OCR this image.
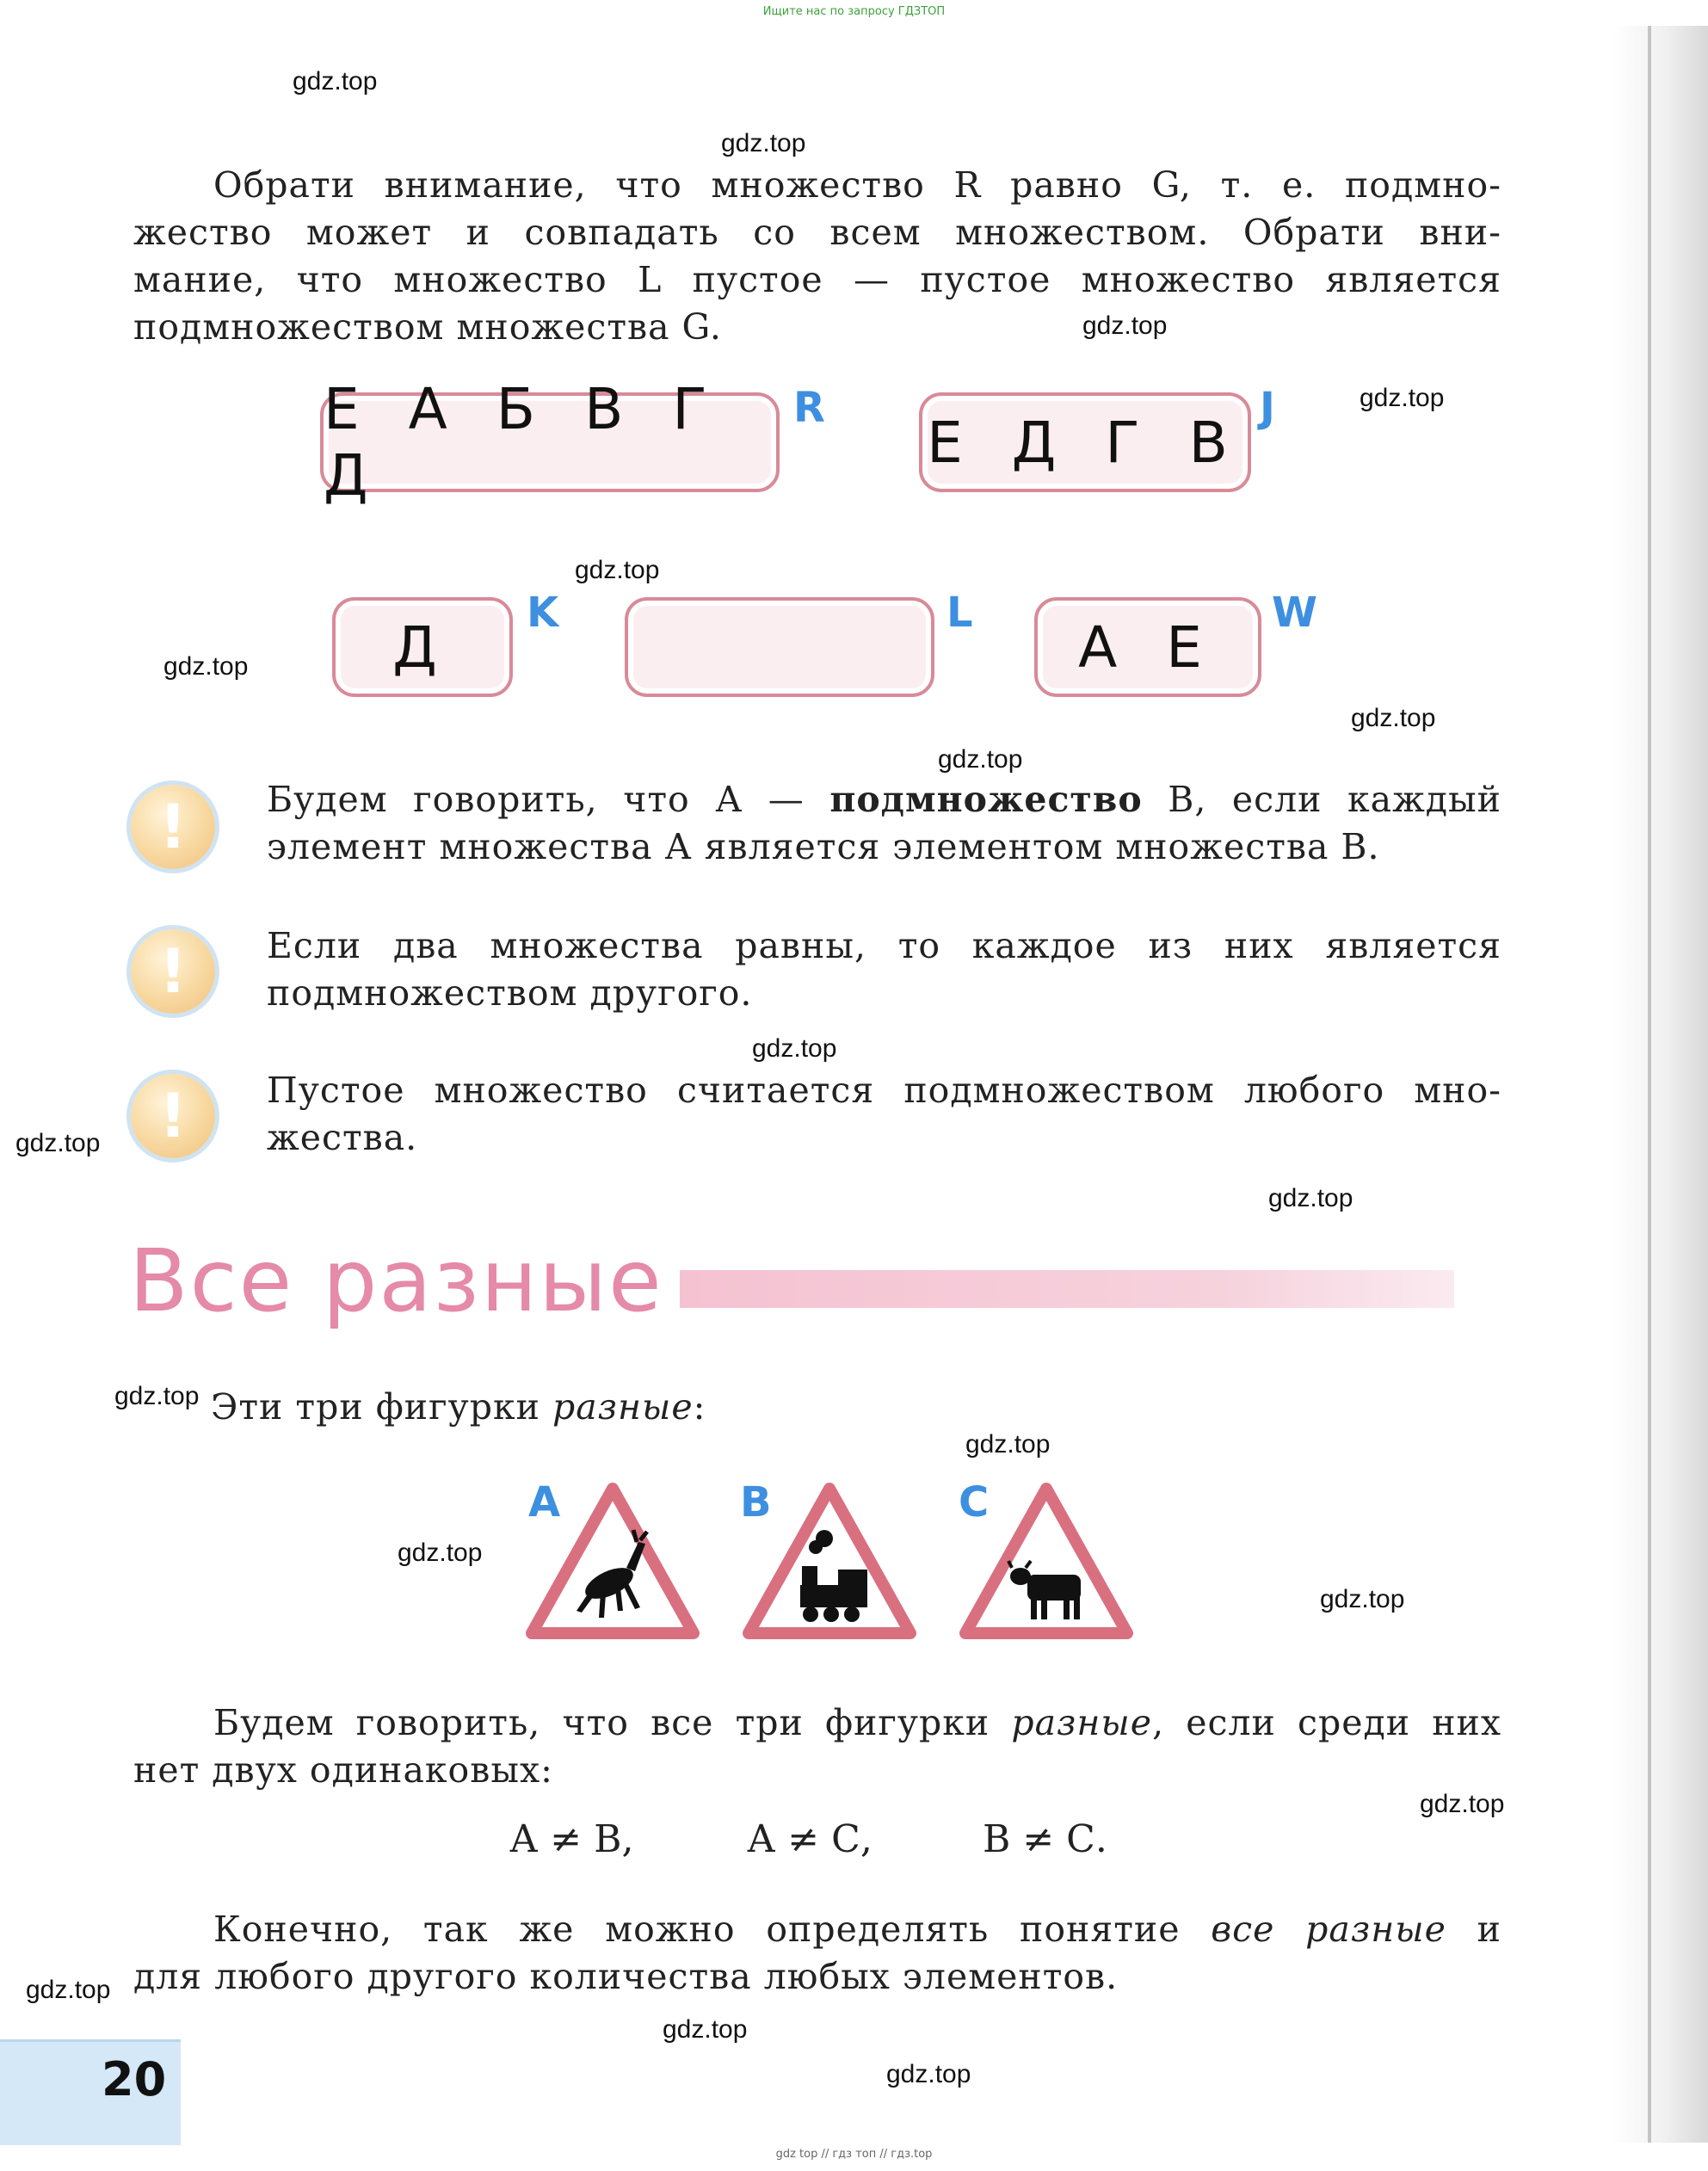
Ищите нас по запросу ГДЗТОП
gdz.top
gdz.top
gdz.top
gdz.top
gdz.top
gdz.top
gdz.top
gdz.top
gdz.top
gdz.top
gdz.top
gdz.top
gdz.top
gdz.top
gdz.top
gdz.top
gdz.top
gdz.top
gdz.top
Обрати внимание, что множество R равно G, т. е. подмно-
жество может и совпадать со всем множеством. Обрати вни-
мание, что множество L пустое — пустое множество является
подмножеством множества G.
Е А Б В Г Д
R
Е Д Г В
J
Д
K	L
А Е
W
!	Будем говорить, что А — подмножество В, если каждый
элемент множества А является элементом множества В.
!	Если два множества равны, то каждое из них является
подмножеством другого.
!	Пустое множество считается подмножеством любого мно-
жества.
Все разные
Эти три фигурки разные:
A	B	C
Будем говорить, что все три фигурки разные, если среди них
нет двух одинаковых:
А ≠ В,	А ≠ С,	В ≠ С.
Конечно, так же можно определять понятие все разные и
для любого другого количества любых элементов.
20
gdz top // гдз топ // гдз.top
